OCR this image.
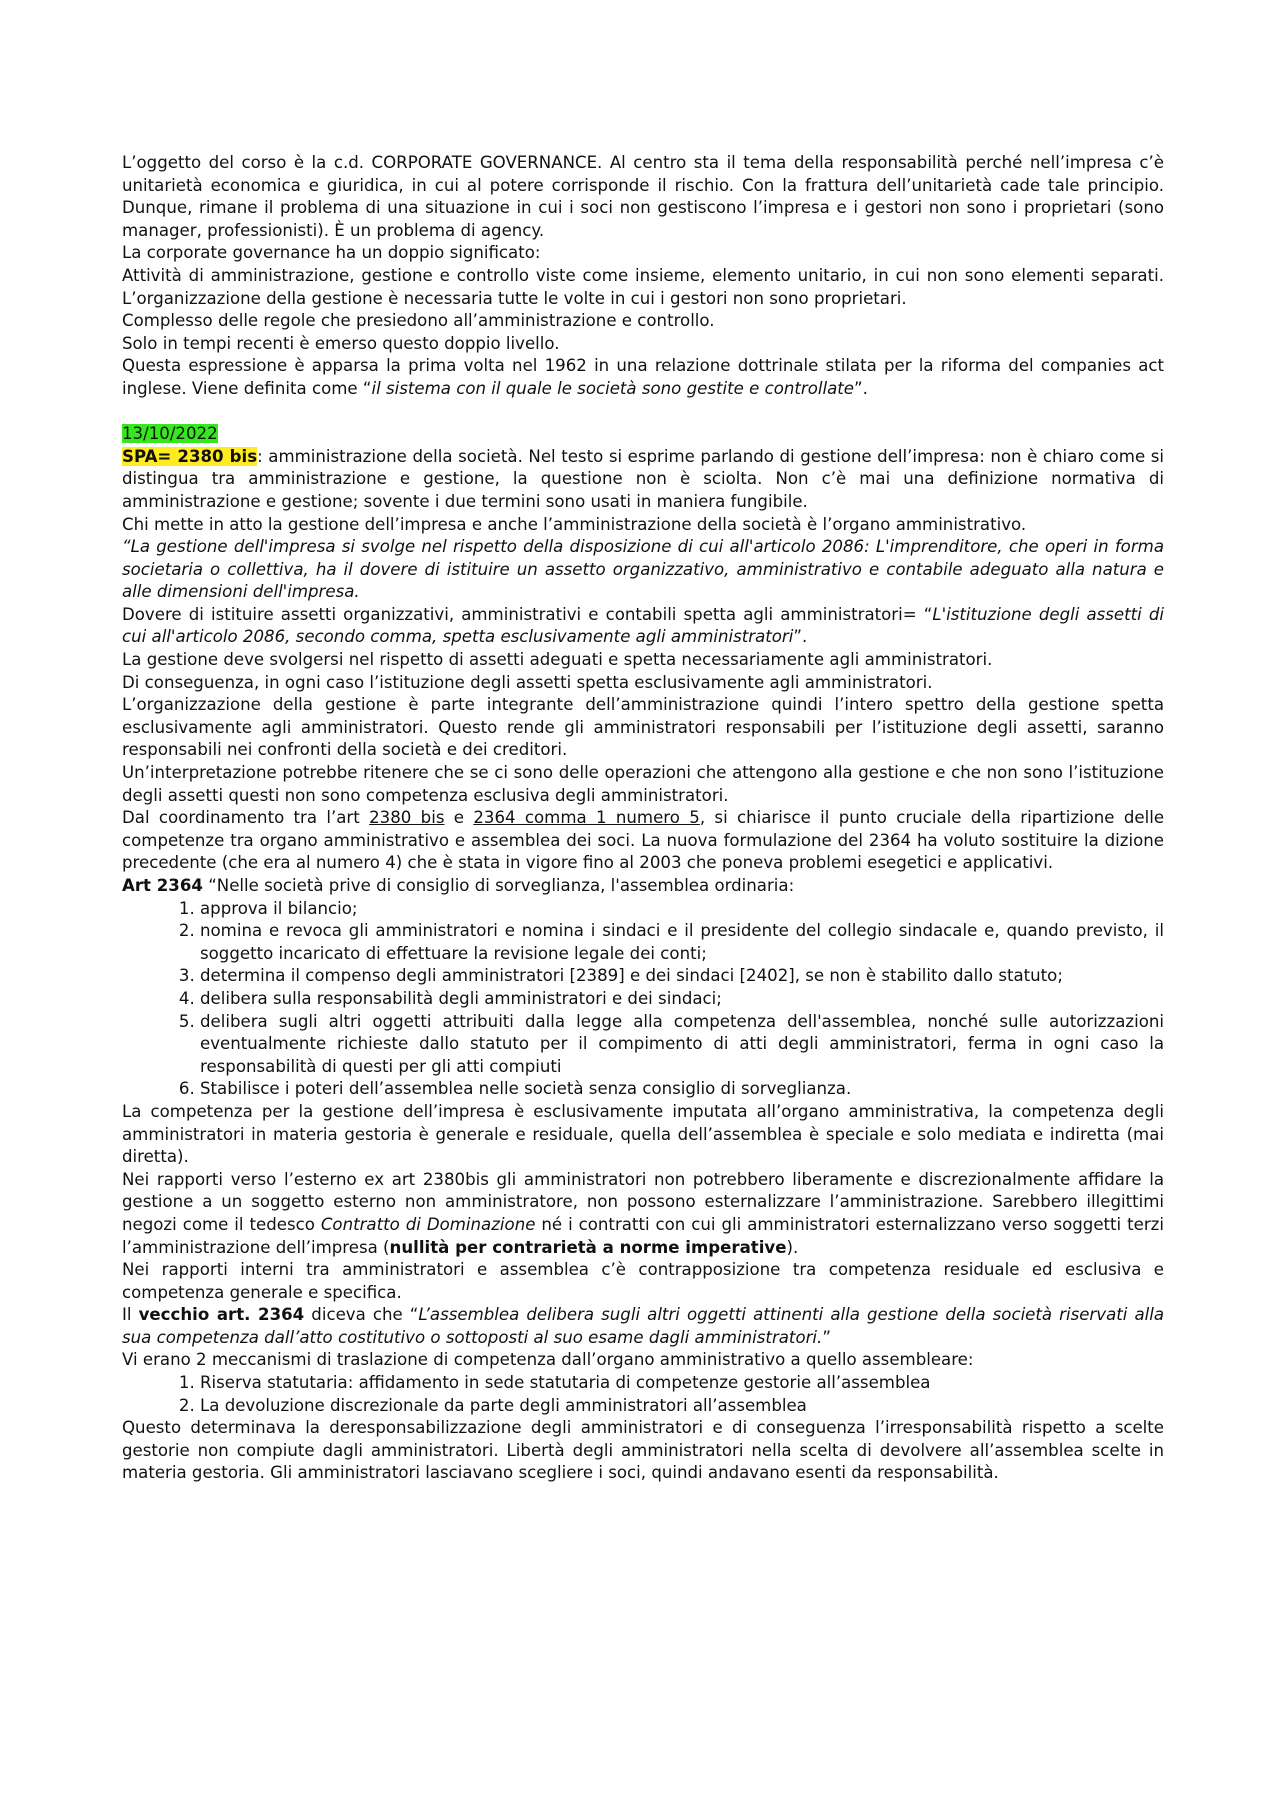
L’oggetto del corso è la c.d. CORPORATE GOVERNANCE. Al centro sta il tema della responsabilità perché nell’impresa c’è unitarietà economica e giuridica, in cui al potere corrisponde il rischio. Con la frattura dell’unitarietà cade tale principio. Dunque, rimane il problema di una situazione in cui i soci non gestiscono l’impresa e i gestori non sono i proprietari (sono manager, professionisti). È un problema di agency.

La corporate governance ha un doppio significato:

Attività di amministrazione, gestione e controllo viste come insieme, elemento unitario, in cui non sono elementi separati. L’organizzazione della gestione è necessaria tutte le volte in cui i gestori non sono proprietari.

Complesso delle regole che presiedono all’amministrazione e controllo.

Solo in tempi recenti è emerso questo doppio livello.

Questa espressione è apparsa la prima volta nel 1962 in una relazione dottrinale stilata per la riforma del companies act inglese. Viene definita come “il sistema con il quale le società sono gestite e controllate”.

13/10/2022

SPA= 2380 bis: amministrazione della società. Nel testo si esprime parlando di gestione dell’impresa: non è chiaro come si distingua tra amministrazione e gestione, la questione non è sciolta. Non c’è mai una definizione normativa di amministrazione e gestione; sovente i due termini sono usati in maniera fungibile.

Chi mette in atto la gestione dell’impresa e anche l’amministrazione della società è l’organo amministrativo.

“La gestione dell'impresa si svolge nel rispetto della disposizione di cui all'articolo 2086: L'imprenditore, che operi in forma societaria o collettiva, ha il dovere di istituire un assetto organizzativo, amministrativo e contabile adeguato alla natura e alle dimensioni dell'impresa.

Dovere di istituire assetti organizzativi, amministrativi e contabili spetta agli amministratori= “L'istituzione degli assetti di cui all'articolo 2086, secondo comma, spetta esclusivamente agli amministratori”.

La gestione deve svolgersi nel rispetto di assetti adeguati e spetta necessariamente agli amministratori.

Di conseguenza, in ogni caso l’istituzione degli assetti spetta esclusivamente agli amministratori.

L’organizzazione della gestione è parte integrante dell’amministrazione quindi l’intero spettro della gestione spetta esclusivamente agli amministratori. Questo rende gli amministratori responsabili per l’istituzione degli assetti, saranno responsabili nei confronti della società e dei creditori.

Un’interpretazione potrebbe ritenere che se ci sono delle operazioni che attengono alla gestione e che non sono l’istituzione degli assetti questi non sono competenza esclusiva degli amministratori.

Dal coordinamento tra l’art 2380 bis e 2364 comma 1 numero 5, si chiarisce il punto cruciale della ripartizione delle competenze tra organo amministrativo e assemblea dei soci. La nuova formulazione del 2364 ha voluto sostituire la dizione precedente (che era al numero 4) che è stata in vigore fino al 2003 che poneva problemi esegetici e applicativi.

Art 2364 “Nelle società prive di consiglio di sorveglianza, l'assemblea ordinaria:

1. approva il bilancio;
2. nomina e revoca gli amministratori e nomina i sindaci e il presidente del collegio sindacale e, quando previsto, il soggetto incaricato di effettuare la revisione legale dei conti;
3. determina il compenso degli amministratori [2389] e dei sindaci [2402], se non è stabilito dallo statuto;
4. delibera sulla responsabilità degli amministratori e dei sindaci;
5. delibera sugli altri oggetti attribuiti dalla legge alla competenza dell'assemblea, nonché sulle autorizzazioni eventualmente richieste dallo statuto per il compimento di atti degli amministratori, ferma in ogni caso la responsabilità di questi per gli atti compiuti
6. Stabilisce i poteri dell’assemblea nelle società senza consiglio di sorveglianza.

La competenza per la gestione dell’impresa è esclusivamente imputata all’organo amministrativa, la competenza degli amministratori in materia gestoria è generale e residuale, quella dell’assemblea è speciale e solo mediata e indiretta (mai diretta).

Nei rapporti verso l’esterno ex art 2380bis gli amministratori non potrebbero liberamente e discrezionalmente affidare la gestione a un soggetto esterno non amministratore, non possono esternalizzare l’amministrazione. Sarebbero illegittimi negozi come il tedesco Contratto di Dominazione né i contratti con cui gli amministratori esternalizzano verso soggetti terzi l’amministrazione dell’impresa (nullità per contrarietà a norme imperative).

Nei rapporti interni tra amministratori e assemblea c’è contrapposizione tra competenza residuale ed esclusiva e competenza generale e specifica.

Il vecchio art. 2364 diceva che “L’assemblea delibera sugli altri oggetti attinenti alla gestione della società riservati alla sua competenza dall’atto costitutivo o sottoposti al suo esame dagli amministratori.”

Vi erano 2 meccanismi di traslazione di competenza dall’organo amministrativo a quello assembleare:

1. Riserva statutaria: affidamento in sede statutaria di competenze gestorie all’assemblea
2. La devoluzione discrezionale da parte degli amministratori all’assemblea

Questo determinava la deresponsabilizzazione degli amministratori e di conseguenza l’irresponsabilità rispetto a scelte gestorie non compiute dagli amministratori. Libertà degli amministratori nella scelta di devolvere all’assemblea scelte in materia gestoria. Gli amministratori lasciavano scegliere i soci, quindi andavano esenti da responsabilità.
